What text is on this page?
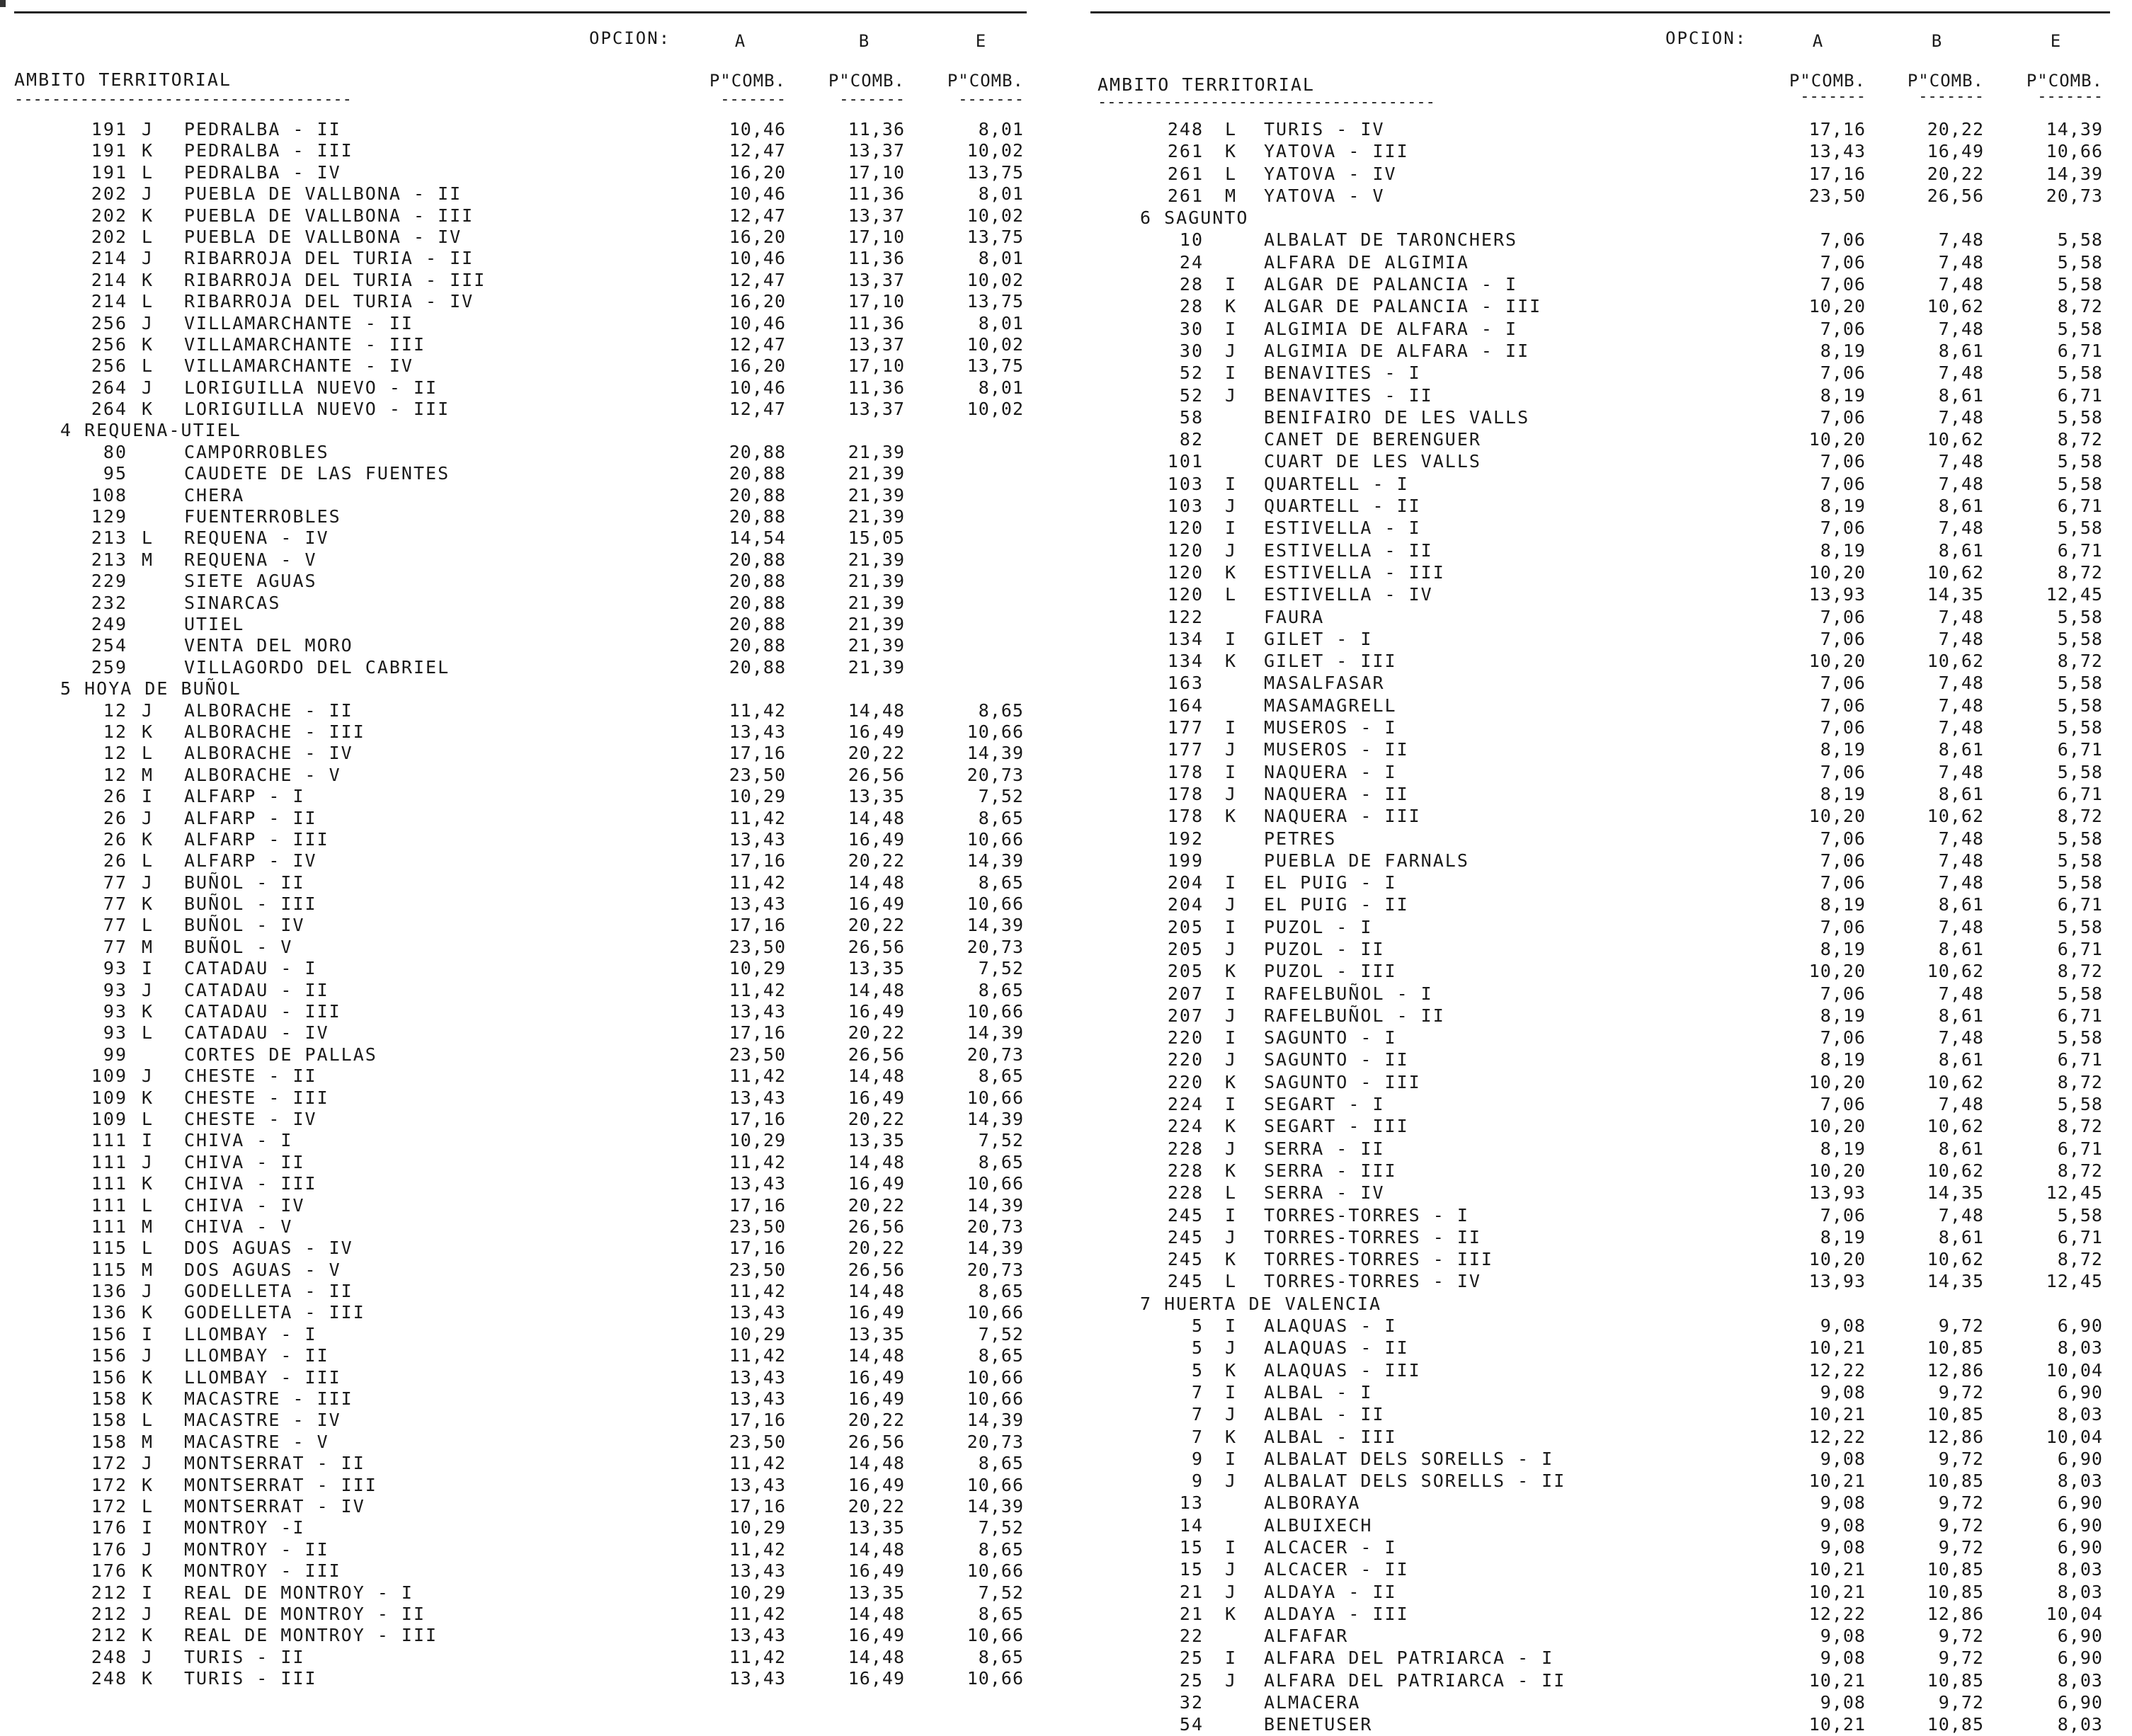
OPCION:	A	B	E
AMBITO TERRITORIAL
------------------------------------
P"COMB.	P"COMB.	P"COMB.
-------	-------	-------
191 J PEDRALBA - II	10,46	11,36	8,01
191 K PEDRALBA - III	12,47	13,37	10,02
191 L PEDRALBA - IV	16,20	17,10	13,75
202 J PUEBLA DE VALLBONA - II	10,46	11,36	8,01
202 K PUEBLA DE VALLBONA - III	12,47	13,37	10,02
202 L PUEBLA DE VALLBONA - IV	16,20	17,10	13,75
214 J RIBARROJA DEL TURIA - II	10,46	11,36	8,01
214 K RIBARROJA DEL TURIA - III	12,47	13,37	10,02
214 L RIBARROJA DEL TURIA - IV	16,20	17,10	13,75
256 J VILLAMARCHANTE - II	10,46	11,36	8,01
256 K VILLAMARCHANTE - III	12,47	13,37	10,02
256 L VILLAMARCHANTE - IV	16,20	17,10	13,75
264 J LORIGUILLA NUEVO - II	10,46	11,36	8,01
264 K LORIGUILLA NUEVO - III	12,47	13,37	10,02
4 REQUENA-UTIEL
80	CAMPORROBLES	20,88	21,39
95	CAUDETE DE LAS FUENTES	20,88	21,39
108	CHERA	20,88	21,39
129	FUENTERROBLES	20,88	21,39
213 L REQUENA - IV	14,54	15,05
213 M REQUENA - V	20,88	21,39
229	SIETE AGUAS	20,88	21,39
232	SINARCAS	20,88	21,39
249	UTIEL	20,88	21,39
254	VENTA DEL MORO	20,88	21,39
259	VILLAGORDO DEL CABRIEL	20,88	21,39
5 HOYA DE BUÑOL
12 J ALBORACHE - II	11,42	14,48	8,65
12 K ALBORACHE - III	13,43	16,49	10,66
12 L ALBORACHE - IV	17,16	20,22	14,39
12 M ALBORACHE - V	23,50	26,56	20,73
26 I ALFARP - I	10,29	13,35	7,52
26 J ALFARP - II	11,42	14,48	8,65
26 K ALFARP - III	13,43	16,49	10,66
26 L ALFARP - IV	17,16	20,22	14,39
77 J BUÑOL - II	11,42	14,48	8,65
77 K BUÑOL - III	13,43	16,49	10,66
77 L BUÑOL - IV	17,16	20,22	14,39
77 M BUÑOL - V	23,50	26,56	20,73
93 I CATADAU - I	10,29	13,35	7,52
93 J CATADAU - II	11,42	14,48	8,65
93 K CATADAU - III	13,43	16,49	10,66
93 L CATADAU - IV	17,16	20,22	14,39
99	CORTES DE PALLAS	23,50	26,56	20,73
109 J CHESTE - II	11,42	14,48	8,65
109 K CHESTE - III	13,43	16,49	10,66
109 L CHESTE - IV	17,16	20,22	14,39
111 I CHIVA - I	10,29	13,35	7,52
111 J CHIVA - II	11,42	14,48	8,65
111 K CHIVA - III	13,43	16,49	10,66
111 L CHIVA - IV	17,16	20,22	14,39
111 M CHIVA - V	23,50	26,56	20,73
115 L DOS AGUAS - IV	17,16	20,22	14,39
115 M DOS AGUAS - V	23,50	26,56	20,73
136 J GODELLETA - II	11,42	14,48	8,65
136 K GODELLETA - III	13,43	16,49	10,66
156 I LLOMBAY - I	10,29	13,35	7,52
156 J LLOMBAY - II	11,42	14,48	8,65
156 K LLOMBAY - III	13,43	16,49	10,66
158 K MACASTRE - III	13,43	16,49	10,66
158 L MACASTRE - IV	17,16	20,22	14,39
158 M MACASTRE - V	23,50	26,56	20,73
172 J MONTSERRAT - II	11,42	14,48	8,65
172 K MONTSERRAT - III	13,43	16,49	10,66
172 L MONTSERRAT - IV	17,16	20,22	14,39
176 I MONTROY -I	10,29	13,35	7,52
176 J MONTROY - II	11,42	14,48	8,65
176 K MONTROY - III	13,43	16,49	10,66
212 I REAL DE MONTROY - I	10,29	13,35	7,52
212 J REAL DE MONTROY - II	11,42	14,48	8,65
212 K REAL DE MONTROY - III	13,43	16,49	10,66
248 J TURIS - II	11,42	14,48	8,65
248 K TURIS - III	13,43	16,49	10,66
OPCION:	A	B	E
AMBITO TERRITORIAL
------------------------------------
P"COMB.	P"COMB.	P"COMB.
-------	-------	-------
248 L TURIS - IV	17,16	20,22	14,39
261 K YATOVA - III	13,43	16,49	10,66
261 L YATOVA - IV	17,16	20,22	14,39
261 M YATOVA - V	23,50	26,56	20,73
6 SAGUNTO
10	ALBALAT DE TARONCHERS	7,06	7,48	5,58
24	ALFARA DE ALGIMIA	7,06	7,48	5,58
28 I ALGAR DE PALANCIA - I	7,06	7,48	5,58
28 K ALGAR DE PALANCIA - III	10,20	10,62	8,72
30 I ALGIMIA DE ALFARA - I	7,06	7,48	5,58
30 J ALGIMIA DE ALFARA - II	8,19	8,61	6,71
52 I BENAVITES - I	7,06	7,48	5,58
52 J BENAVITES - II	8,19	8,61	6,71
58	BENIFAIRO DE LES VALLS	7,06	7,48	5,58
82	CANET DE BERENGUER	10,20	10,62	8,72
101	CUART DE LES VALLS	7,06	7,48	5,58
103 I QUARTELL - I	7,06	7,48	5,58
103 J QUARTELL - II	8,19	8,61	6,71
120 I ESTIVELLA - I	7,06	7,48	5,58
120 J ESTIVELLA - II	8,19	8,61	6,71
120 K ESTIVELLA - III	10,20	10,62	8,72
120 L ESTIVELLA - IV	13,93	14,35	12,45
122	FAURA	7,06	7,48	5,58
134 I GILET - I	7,06	7,48	5,58
134 K GILET - III	10,20	10,62	8,72
163	MASALFASAR	7,06	7,48	5,58
164	MASAMAGRELL	7,06	7,48	5,58
177 I MUSEROS - I	7,06	7,48	5,58
177 J MUSEROS - II	8,19	8,61	6,71
178 I NAQUERA - I	7,06	7,48	5,58
178 J NAQUERA - II	8,19	8,61	6,71
178 K NAQUERA - III	10,20	10,62	8,72
192	PETRES	7,06	7,48	5,58
199	PUEBLA DE FARNALS	7,06	7,48	5,58
204 I EL PUIG - I	7,06	7,48	5,58
204 J EL PUIG - II	8,19	8,61	6,71
205 I PUZOL - I	7,06	7,48	5,58
205 J PUZOL - II	8,19	8,61	6,71
205 K PUZOL - III	10,20	10,62	8,72
207 I RAFELBUÑOL - I	7,06	7,48	5,58
207 J RAFELBUÑOL - II	8,19	8,61	6,71
220 I SAGUNTO - I	7,06	7,48	5,58
220 J SAGUNTO - II	8,19	8,61	6,71
220 K SAGUNTO - III	10,20	10,62	8,72
224 I SEGART - I	7,06	7,48	5,58
224 K SEGART - III	10,20	10,62	8,72
228 J SERRA - II	8,19	8,61	6,71
228 K SERRA - III	10,20	10,62	8,72
228 L SERRA - IV	13,93	14,35	12,45
245 I TORRES-TORRES - I	7,06	7,48	5,58
245 J TORRES-TORRES - II	8,19	8,61	6,71
245 K TORRES-TORRES - III	10,20	10,62	8,72
245 L TORRES-TORRES - IV	13,93	14,35	12,45
7 HUERTA DE VALENCIA
5 I ALAQUAS - I	9,08	9,72	6,90
5 J ALAQUAS - II	10,21	10,85	8,03
5 K ALAQUAS - III	12,22	12,86	10,04
7 I ALBAL - I	9,08	9,72	6,90
7 J ALBAL - II	10,21	10,85	8,03
7 K ALBAL - III	12,22	12,86	10,04
9 I ALBALAT DELS SORELLS - I	9,08	9,72	6,90
9 J ALBALAT DELS SORELLS - II	10,21	10,85	8,03
13	ALBORAYA	9,08	9,72	6,90
14	ALBUIXECH	9,08	9,72	6,90
15 I ALCACER - I	9,08	9,72	6,90
15 J ALCACER - II	10,21	10,85	8,03
21 J ALDAYA - II	10,21	10,85	8,03
21 K ALDAYA - III	12,22	12,86	10,04
22	ALFAFAR	9,08	9,72	6,90
25 I ALFARA DEL PATRIARCA - I	9,08	9,72	6,90
25 J ALFARA DEL PATRIARCA - II	10,21	10,85	8,03
32	ALMACERA	9,08	9,72	6,90
54	BENETUSER	10,21	10,85	8,03
